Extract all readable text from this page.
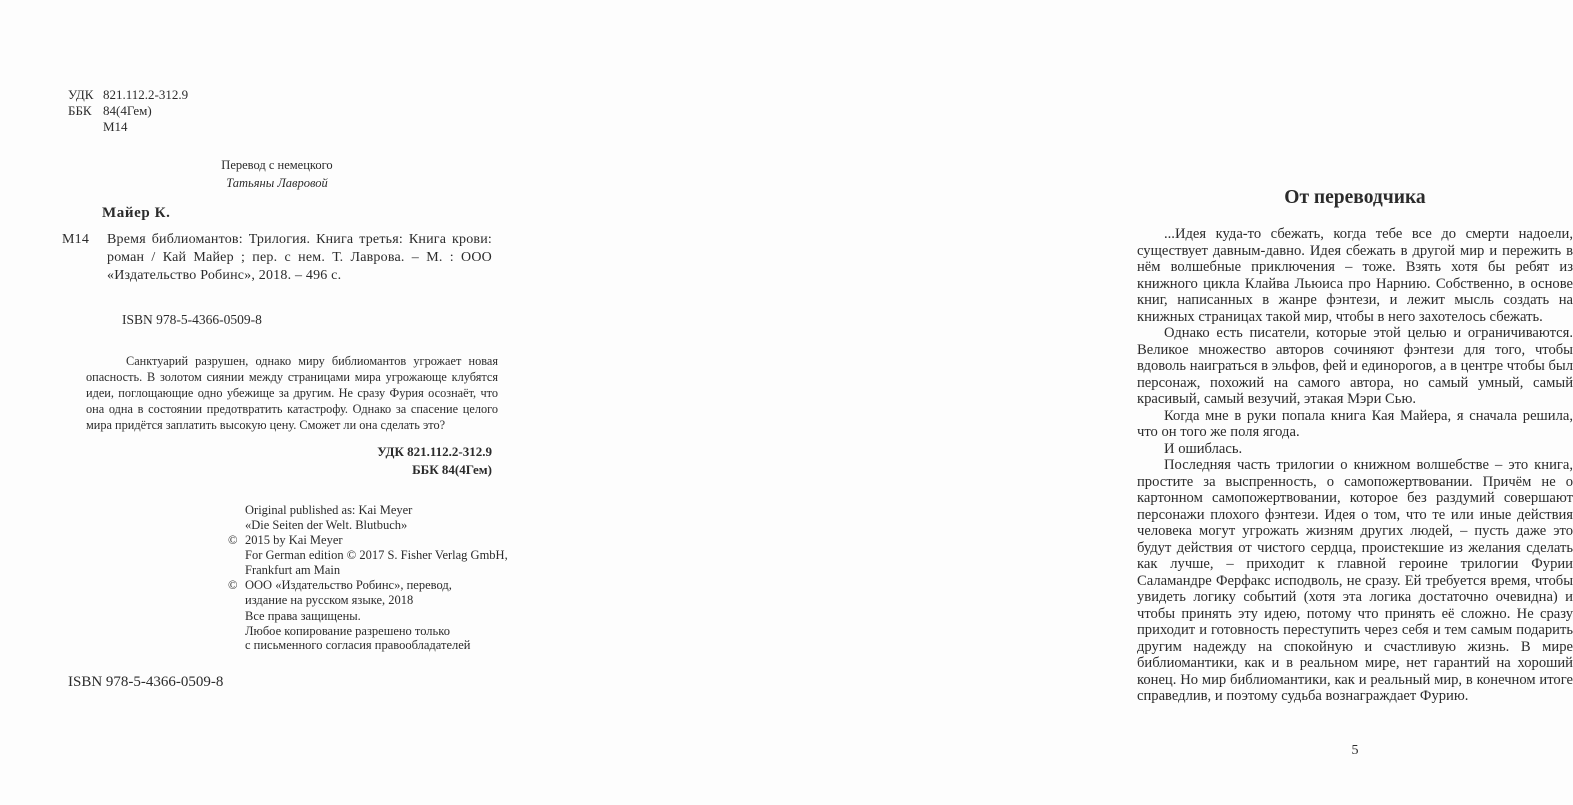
УДК 821.112.2-312.9
ББК 84(4Гем)
М14
Перевод с немецкого
Татьяны Лавровой
Майер К.
М14 Время библиомантов: Трилогия. Книга третья: Книга крови: роман / Кай Майер ; пер. с нем. Т. Лаврова. – М. : ООО «Издательство Робинс», 2018. – 496 с.
ISBN 978-5-4366-0509-8
Санктуарий разрушен, однако миру библиомантов угрожает новая опасность. В золотом сиянии между страницами мира угрожающе клубятся идеи, поглощающие одно убежище за другим. Не сразу Фурия осознаёт, что она одна в состоянии предотвратить катастрофу. Однако за спасение целого мира придётся заплатить высокую цену. Сможет ли она сделать это?
УДК 821.112.2-312.9
ББК 84(4Гем)
Original published as: Kai Meyer
«Die Seiten der Welt. Blutbuch»
© 2015 by Kai Meyer
For German edition © 2017 S. Fisher Verlag GmbH,
Frankfurt am Main
© ООО «Издательство Робинс», перевод,
издание на русском языке, 2018
Все права защищены.
Любое копирование разрешено только
с письменного согласия правообладателей
ISBN 978-5-4366-0509-8
От переводчика

...Идея куда-то сбежать, когда тебе все до смерти надоели, существует давным-давно. Идея сбежать в другой мир и пережить в нём волшебные приключения – тоже. Взять хотя бы ребят из книжного цикла Клайва Льюиса про Нарнию. Собственно, в основе книг, написанных в жанре фэнтези, и лежит мысль создать на книжных страницах такой мир, чтобы в него захотелось сбежать.

Однако есть писатели, которые этой целью и ограничиваются. Великое множество авторов сочиняют фэнтези для того, чтобы вдоволь наиграться в эльфов, фей и единорогов, а в центре чтобы был персонаж, похожий на самого автора, но самый умный, самый красивый, самый везучий, этакая Мэри Сью.

Когда мне в руки попала книга Кая Майера, я сначала решила, что он того же поля ягода.

И ошиблась.

Последняя часть трилогии о книжном волшебстве – это книга, простите за выспренность, о самопожертвовании. Причём не о картонном самопожертвовании, которое без раздумий совершают персонажи плохого фэнтези. Идея о том, что те или иные действия человека могут угрожать жизням других людей, – пусть даже это будут действия от чистого сердца, проистекшие из желания сделать как лучше, – приходит к главной героине трилогии Фурии Саламандре Ферфакс исподволь, не сразу. Ей требуется время, чтобы увидеть логику событий (хотя эта логика достаточно очевидна) и чтобы принять эту идею, потому что принять её сложно. Не сразу приходит и готовность переступить через себя и тем самым подарить другим надежду на спокойную и счастливую жизнь. В мире библиомантики, как и в реальном мире, нет гарантий на хороший конец. Но мир библиомантики, как и реальный мир, в конечном итоге справедлив, и поэтому судьба вознаграждает Фурию.

5
